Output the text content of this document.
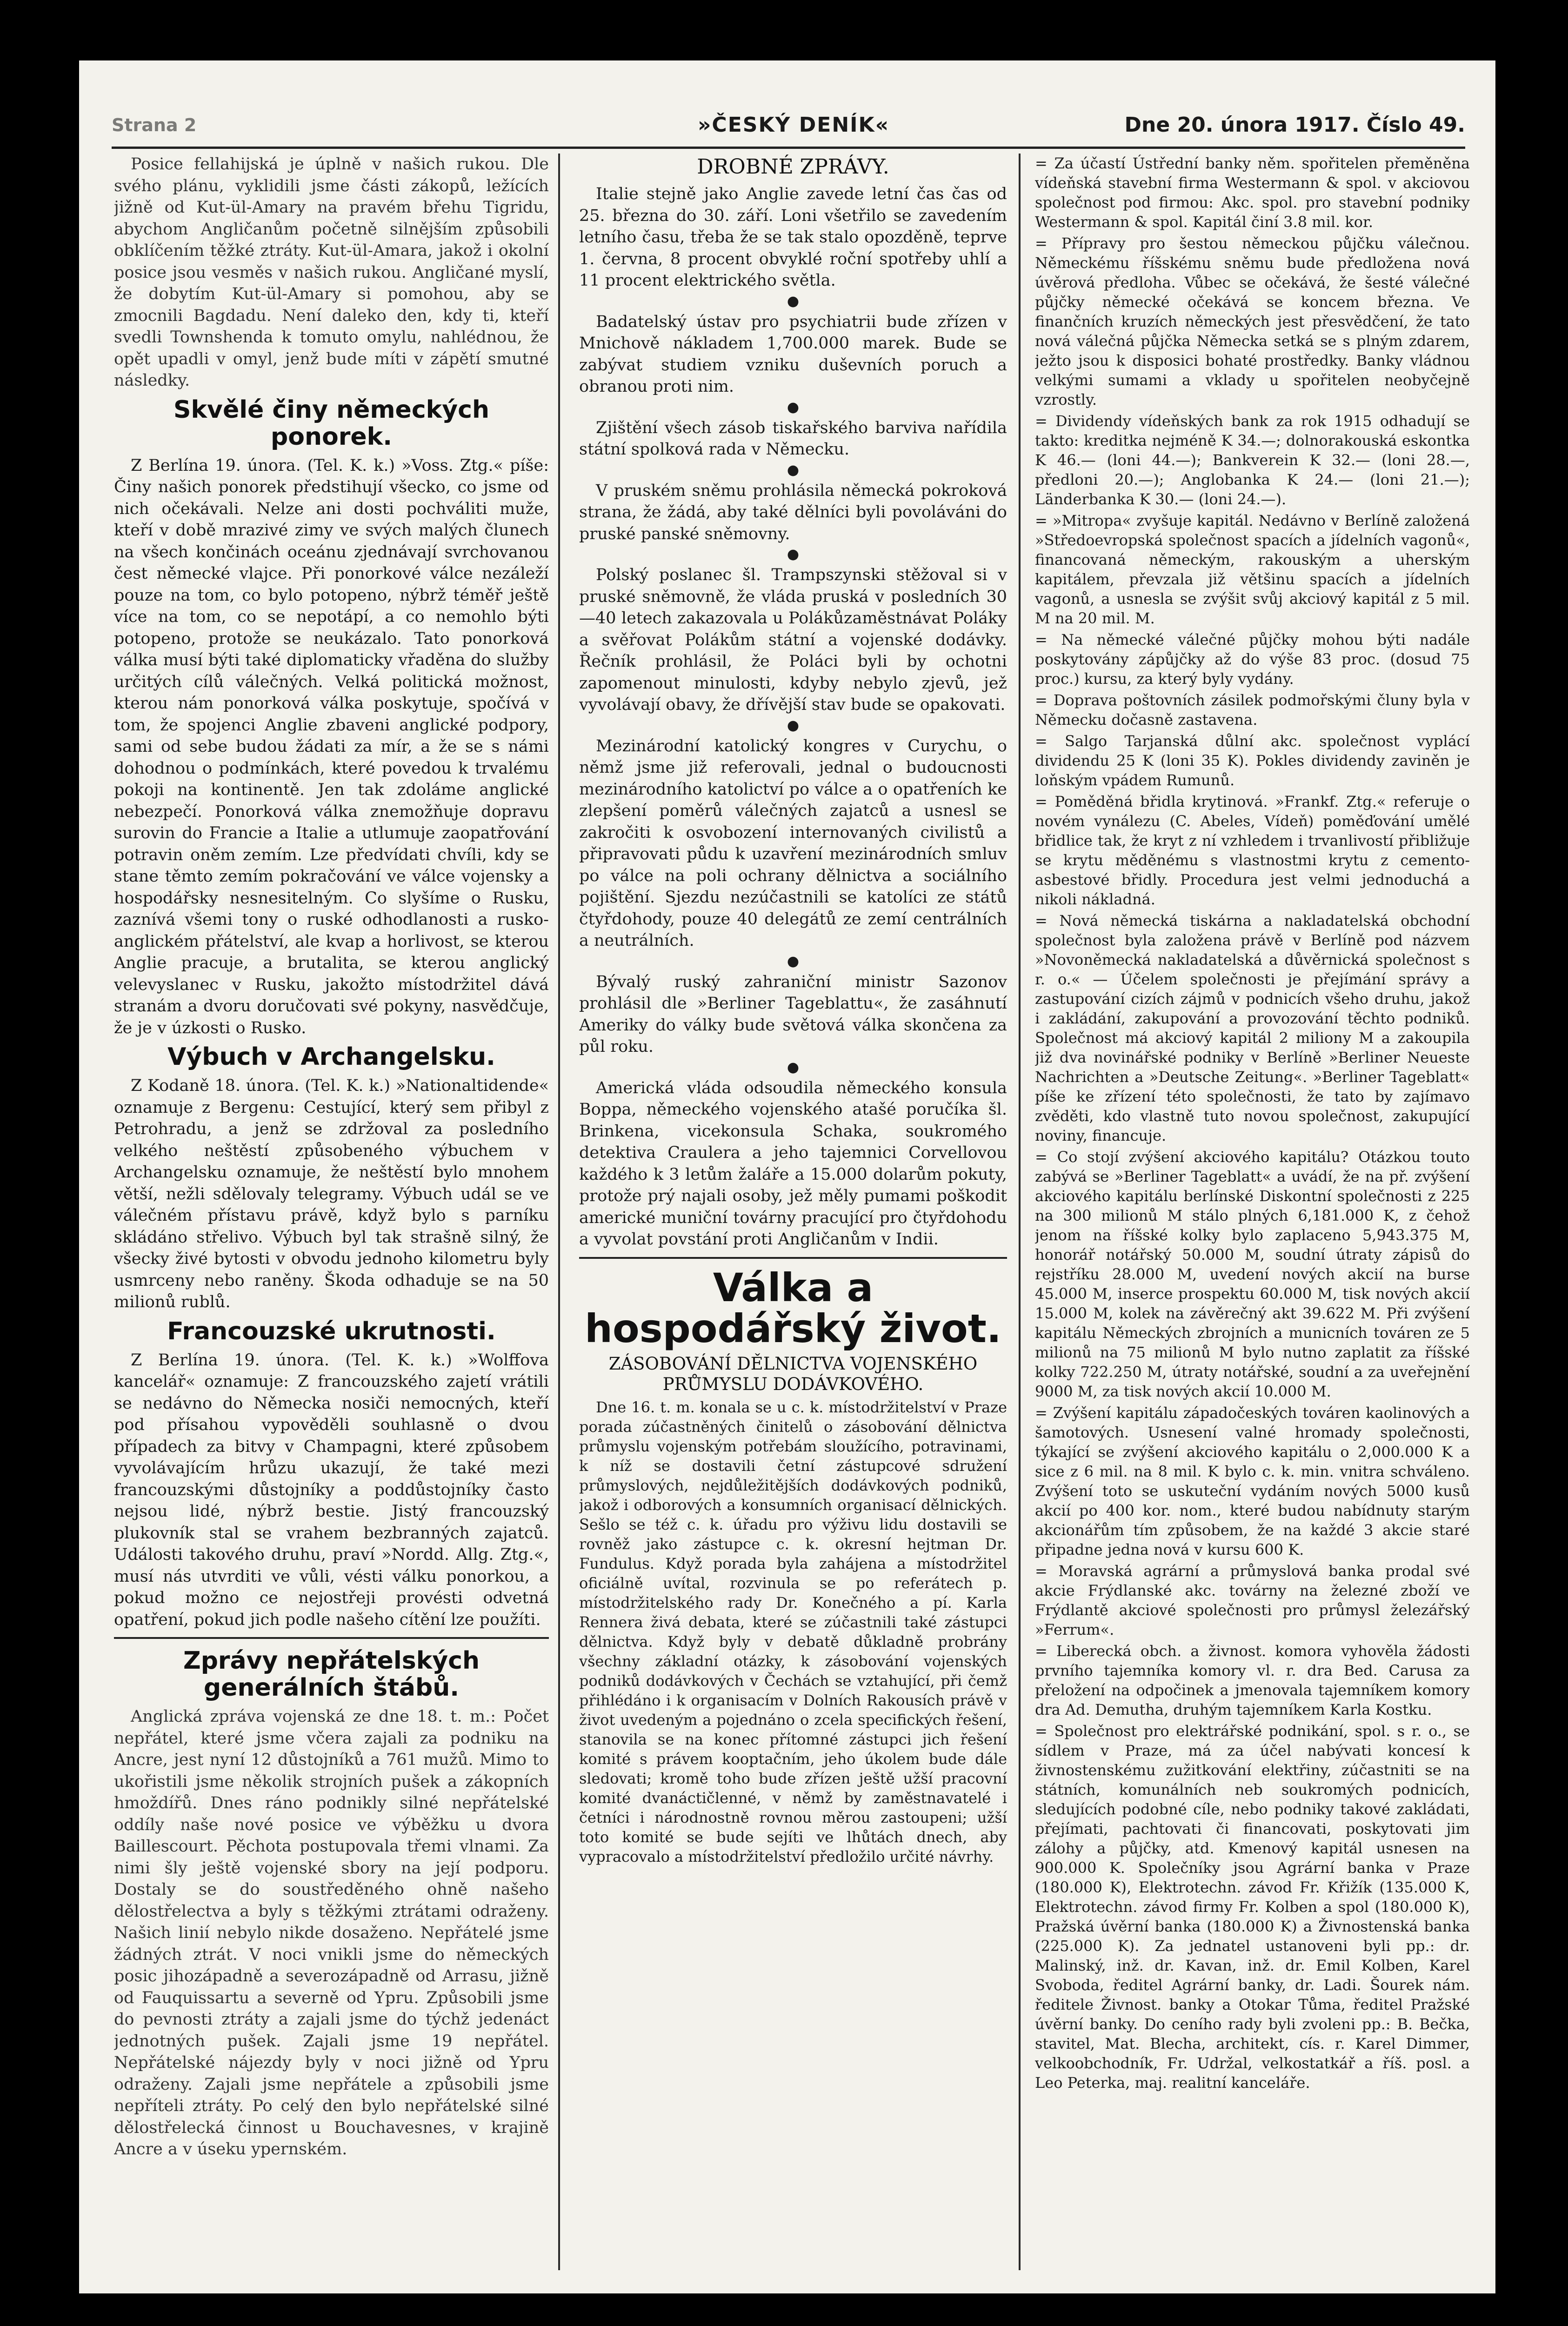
Strana 2	»ČESKÝ DENÍK«	Dne 20. února 1917. Číslo 49.

Posice fellahijská je úplně v našich rukou. Dle svého plánu, vyklidili jsme části zákopů, ležících jižně od Kut-ül-Amary na pravém břehu Tigridu, abychom Angličanům početně silnějším způsobili obklíčením těžké ztráty. Kut-ül-Amara, jakož i okolní posice jsou vesměs v našich rukou. Angličané myslí, že dobytím Kut-ül-Amary si pomohou, aby se zmocnili Bagdadu. Není daleko den, kdy ti, kteří svedli Townshenda k tomuto omylu, nahlédnou, že opět upadli v omyl, jenž bude míti v zápětí smutné následky.

Skvělé činy německých ponorek.

Z Berlína 19. února. (Tel. K. k.) »Voss. Ztg.« píše: Činy našich ponorek předstihují všecko, co jsme od nich očekávali. Nelze ani dosti pochváliti muže, kteří v době mrazivé zimy ve svých malých člunech na všech končinách oceánu zjednávají svrchovanou čest německé vlajce. Při ponorkové válce nezáleží pouze na tom, co bylo potopeno, nýbrž téměř ještě více na tom, co se nepotápí, a co nemohlo býti potopeno, protože se neukázalo. Tato ponorková válka musí býti také diplomaticky vřaděna do služby určitých cílů válečných. Velká politická možnost, kterou nám ponorková válka poskytuje, spočívá v tom, že spojenci Anglie zbaveni anglické podpory, sami od sebe budou žádati za mír, a že se s námi dohodnou o podmínkách, které povedou k trvalému pokoji na kontinentě. Jen tak zdoláme anglické nebezpečí. Ponorková válka znemožňuje dopravu surovin do Francie a Italie a utlumuje zaopatřování potravin oněm zemím. Lze předvídati chvíli, kdy se stane těmto zemím pokračování ve válce vojensky a hospodářsky nesnesitelným. Co slyšíme o Rusku, zaznívá všemi tony o ruské odhodlanosti a rusko-anglickém přátelství, ale kvap a horlivost, se kterou Anglie pracuje, a brutalita, se kterou anglický velevyslanec v Rusku, jakožto místodržitel dává stranám a dvoru doručovati své pokyny, nasvědčuje, že je v úzkosti o Rusko.

Výbuch v Archangelsku.

Z Kodaně 18. února. (Tel. K. k.) »Nationaltidende« oznamuje z Bergenu: Cestující, který sem přibyl z Petrohradu, a jenž se zdržoval za posledního velkého neštěstí způsobeného výbuchem v Archangelsku oznamuje, že neštěstí bylo mnohem větší, nežli sdělovaly telegramy. Výbuch udál se ve válečném přístavu právě, když bylo s parníku skládáno střelivo. Výbuch byl tak strašně silný, že všecky živé bytosti v obvodu jednoho kilometru byly usmrceny nebo raněny. Škoda odhaduje se na 50 milionů rublů.

Francouzské ukrutnosti.

Z Berlína 19. února. (Tel. K. k.) »Wolffova kancelář« oznamuje: Z francouzského zajetí vrátili se nedávno do Německa nosiči nemocných, kteří pod přísahou vypověděli souhlasně o dvou případech za bitvy v Champagni, které způsobem vyvolávajícím hrůzu ukazují, že také mezi francouzskými důstojníky a poddůstojníky často nejsou lidé, nýbrž bestie. Jistý francouzský plukovník stal se vrahem bezbranných zajatců. Události takového druhu, praví »Nordd. Allg. Ztg.«, musí nás utvrditi ve vůli, vésti válku ponorkou, a pokud možno ce nejostřeji provésti odvetná opatření, pokud jich podle našeho cítění lze použíti.

Zprávy nepřátelských generálních štábů.

Anglická zpráva vojenská ze dne 18. t. m.: Počet nepřátel, které jsme včera zajali za podniku na Ancre, jest nyní 12 důstojníků a 761 mužů. Mimo to ukořistili jsme několik strojních pušek a zákopních hmoždířů. Dnes ráno podnikly silné nepřátelské oddíly naše nové posice ve výběžku u dvora Baillescourt. Pěchota postupovala třemi vlnami. Za nimi šly ještě vojenské sbory na její podporu. Dostaly se do soustředěného ohně našeho dělostřelectva a byly s těžkými ztrátami odraženy. Našich linií nebylo nikde dosaženo. Nepřátelé jsme žádných ztrát. V noci vnikli jsme do německých posic jihozápadně a severozápadně od Arrasu, jižně od Fauquissartu a severně od Ypru. Způsobili jsme do pevnosti ztráty a zajali jsme do týchž jedenáct jednotných pušek. Zajali jsme 19 nepřátel. Nepřátelské nájezdy byly v noci jižně od Ypru odraženy. Zajali jsme nepřátele a způsobili jsme nepříteli ztráty. Po celý den bylo nepřátelské silné dělostřelecká činnost u Bouchavesnes, v krajině Ancre a v úseku ypernském.

DROBNÉ ZPRÁVY.

Italie stejně jako Anglie zavede letní čas čas od 25. března do 30. září. Loni všetřilo se zavedením letního času, třeba že se tak stalo opozděně, teprve 1. června, 8 procent obvyklé roční spotřeby uhlí a 11 procent elektrického světla.

●

Badatelský ústav pro psychiatrii bude zřízen v Mnichově nákladem 1,700.000 marek. Bude se zabývat studiem vzniku duševních poruch a obranou proti nim.

●

Zjištění všech zásob tiskařského barviva nařídila státní spolková rada v Německu.

●

V pruském sněmu prohlásila německá pokroková strana, že žádá, aby také dělníci byli povoláváni do pruské panské sněmovny.

●

Polský poslanec šl. Trampszynski stěžoval si v pruské sněmovně, že vláda pruská v posledních 30—40 letech zakazovala u Polákůzaměstnávat Poláky a svěřovat Polákům státní a vojenské dodávky. Řečník prohlásil, že Poláci byli by ochotni zapomenout minulosti, kdyby nebylo zjevů, jež vyvolávají obavy, že dřívější stav bude se opakovati.

●

Mezinárodní katolický kongres v Curychu, o němž jsme již referovali, jednal o budoucnosti mezinárodního katolictví po válce a o opatřeních ke zlepšení poměrů válečných zajatců a usnesl se zakročiti k osvobození internovaných civilistů a připravovati půdu k uzavření mezinárodních smluv po válce na poli ochrany dělnictva a sociálního pojištění. Sjezdu nezúčastnili se katolíci ze států čtyřdohody, pouze 40 delegátů ze zemí centrálních a neutrálních.

●

Bývalý ruský zahraniční ministr Sazonov prohlásil dle »Berliner Tageblattu«, že zasáhnutí Ameriky do války bude světová válka skončena za půl roku.

●

Americká vláda odsoudila německého konsula Boppa, německého vojenského atašé poručíka šl. Brinkena, vicekonsula Schaka, soukromého detektiva Craulera a jeho tajemnici Corvellovou každého k 3 letům žaláře a 15.000 dolarům pokuty, protože prý najali osoby, jež měly pumami poškodit americké muniční továrny pracující pro čtyřdohodu a vyvolat povstání proti Angličanům v Indii.

Válka a hospodářský život.
ZÁSOBOVÁNÍ DĚLNICTVA VOJENSKÉHO PRŮMYSLU DODÁVKOVÉHO.

Dne 16. t. m. konala se u c. k. místodržitelství v Praze porada zúčastněných činitelů o zásobování dělnictva průmyslu vojenským potřebám sloužícího, potravinami, k níž se dostavili četní zástupcové sdružení průmyslových, nejdůležitějších dodávkových podniků, jakož i odborových a konsumních organisací dělnických. Sešlo se též c. k. úřadu pro výživu lidu dostavili se rovněž jako zástupce c. k. okresní hejtman Dr. Fundulus. Když porada byla zahájena a místodržitel oficiálně uvítal, rozvinula se po referátech p. místodržitelského rady Dr. Konečného a pí. Karla Rennera živá debata, které se zúčastnili také zástupci dělnictva. Když byly v debatě důkladně probrány všechny základní otázky, k zásobování vojenských podniků dodávkových v Čechách se vztahující, při čemž přihlédáno i k organisacím v Dolních Rakousích právě v život uvedeným a pojednáno o zcela specifických řešení, stanovila se na konec přítomné zástupci jich řešení komité s právem kooptačním, jeho úkolem bude dále sledovati; kromě toho bude zřízen ještě užší pracovní komité dvanáctičlenné, v němž by zaměstnavatelé i četníci i národnostně rovnou měrou zastoupeni; užší toto komité se bude sejíti ve lhůtách dnech, aby vypracovalo a místodržitelství předložilo určité návrhy.

= Za účastí Ústřední banky něm. spořitelen přeměněna vídeňská stavební firma Westermann & spol. v akciovou společnost pod firmou: Akc. spol. pro stavební podniky Westermann & spol. Kapitál činí 3.8 mil. kor.

= Přípravy pro šestou německou půjčku válečnou. Německému říšskému sněmu bude předložena nová úvěrová předloha. Vůbec se očekává, že šesté válečné půjčky německé očekává se koncem března. Ve finančních kruzích německých jest přesvědčení, že tato nová válečná půjčka Německa setká se s plným zdarem, ježto jsou k disposici bohaté prostředky. Banky vládnou velkými sumami a vklady u spořitelen neobyčejně vzrostly.

= Dividendy vídeňských bank za rok 1915 odhadují se takto: kreditka nejméně K 34.—; dolnorakouská eskontka K 46.— (loni 44.—); Bankverein K 32.— (loni 28.—, předloni 20.—); Anglobanka K 24.— (loni 21.—); Länderbanka K 30.— (loni 24.—).

= »Mitropa« zvyšuje kapitál. Nedávno v Berlíně založená »Středoevropská společnost spacích a jídelních vagonů«, financovaná německým, rakouským a uherským kapitálem, převzala již většinu spacích a jídelních vagonů, a usnesla se zvýšit svůj akciový kapitál z 5 mil. M na 20 mil. M.

= Na německé válečné půjčky mohou býti nadále poskytovány zápůjčky až do výše 83 proc. (dosud 75 proc.) kursu, za který byly vydány.

= Doprava poštovních zásilek podmořskými čluny byla v Německu dočasně zastavena.

= Salgo Tarjanská důlní akc. společnost vyplácí dividendu 25 K (loni 35 K). Pokles dividendy zaviněn je loňským vpádem Rumunů.

= Poměděná břidla krytinová. »Frankf. Ztg.« referuje o novém vynálezu (C. Abeles, Vídeň) poměďování umělé břidlice tak, že kryt z ní vzhledem i trvanlivostí přibližuje se krytu měděnému s vlastnostmi krytu z cemento-asbestové břidly. Procedura jest velmi jednoduchá a nikoli nákladná.

= Nová německá tiskárna a nakladatelská obchodní společnost byla založena právě v Berlíně pod názvem »Novoněmecká nakladatelská a důvěrnická společnost s r. o.« — Účelem společnosti je přejímání správy a zastupování cizích zájmů v podnicích všeho druhu, jakož i zakládání, zakupování a provozování těchto podniků. Společnost má akciový kapitál 2 miliony M a zakoupila již dva novinářské podniky v Berlíně »Berliner Neueste Nachrichten a »Deutsche Zeitung«. »Berliner Tageblatt« píše ke zřízení této společnosti, že tato by zajímavo zvěděti, kdo vlastně tuto novou společnost, zakupující noviny, financuje.

= Co stojí zvýšení akciového kapitálu? Otázkou touto zabývá se »Berliner Tageblatt« a uvádí, že na př. zvýšení akciového kapitálu berlínské Diskontní společnosti z 225 na 300 milionů M stálo plných 6,181.000 K, z čehož jenom na říšské kolky bylo zaplaceno 5,943.375 M, honorář notářský 50.000 M, soudní útraty zápisů do rejstříku 28.000 M, uvedení nových akcií na burse 45.000 M, inserce prospektu 60.000 M, tisk nových akcií 15.000 M, kolek na závěrečný akt 39.622 M. Při zvýšení kapitálu Německých zbrojních a municních továren ze 5 milionů na 75 milionů M bylo nutno zaplatit za říšské kolky 722.250 M, útraty notářské, soudní a za uveřejnění 9000 M, za tisk nových akcií 10.000 M.

= Zvýšení kapitálu západočeských továren kaolinových a šamotových. Usnesení valné hromady společnosti, týkající se zvýšení akciového kapitálu o 2,000.000 K a sice z 6 mil. na 8 mil. K bylo c. k. min. vnitra schváleno. Zvýšení toto se uskuteční vydáním nových 5000 kusů akcií po 400 kor. nom., které budou nabídnuty starým akcionářům tím způsobem, že na každé 3 akcie staré připadne jedna nová v kursu 600 K.

= Moravská agrární a průmyslová banka prodal své akcie Frýdlanské akc. továrny na železné zboží ve Frýdlantě akciové společnosti pro průmysl železářský »Ferrum«.

= Liberecká obch. a živnost. komora vyhověla žádosti prvního tajemníka komory vl. r. dra Bed. Carusa za přeložení na odpočinek a jmenovala tajemníkem komory dra Ad. Demutha, druhým tajemníkem Karla Kostku.

= Společnost pro elektrářské podnikání, spol. s r. o., se sídlem v Praze, má za účel nabývati koncesí k živnostenskému zužitkování elektřiny, zúčastniti se na státních, komunálních neb soukromých podnicích, sledujících podobné cíle, nebo podniky takové zakládati, přejímati, pachtovati či financovati, poskytovati jim zálohy a půjčky, atd. Kmenový kapitál usnesen na 900.000 K. Společníky jsou Agrární banka v Praze (180.000 K), Elektrotechn. závod Fr. Křižík (135.000 K, Elektrotechn. závod firmy Fr. Kolben a spol (180.000 K), Pražská úvěrní banka (180.000 K) a Živnostenská banka (225.000 K). Za jednatel ustanoveni byli pp.: dr. Malinský, inž. dr. Kavan, inž. dr. Emil Kolben, Karel Svoboda, ředitel Agrární banky, dr. Ladi. Šourek nám. ředitele Živnost. banky a Otokar Tůma, ředitel Pražské úvěrní banky. Do ceního rady byli zvoleni pp.: B. Bečka, stavitel, Mat. Blecha, architekt, cís. r. Karel Dimmer, velkoobchodník, Fr. Udržal, velkostatkář a říš. posl. a Leo Peterka, maj. realitní kanceláře.
